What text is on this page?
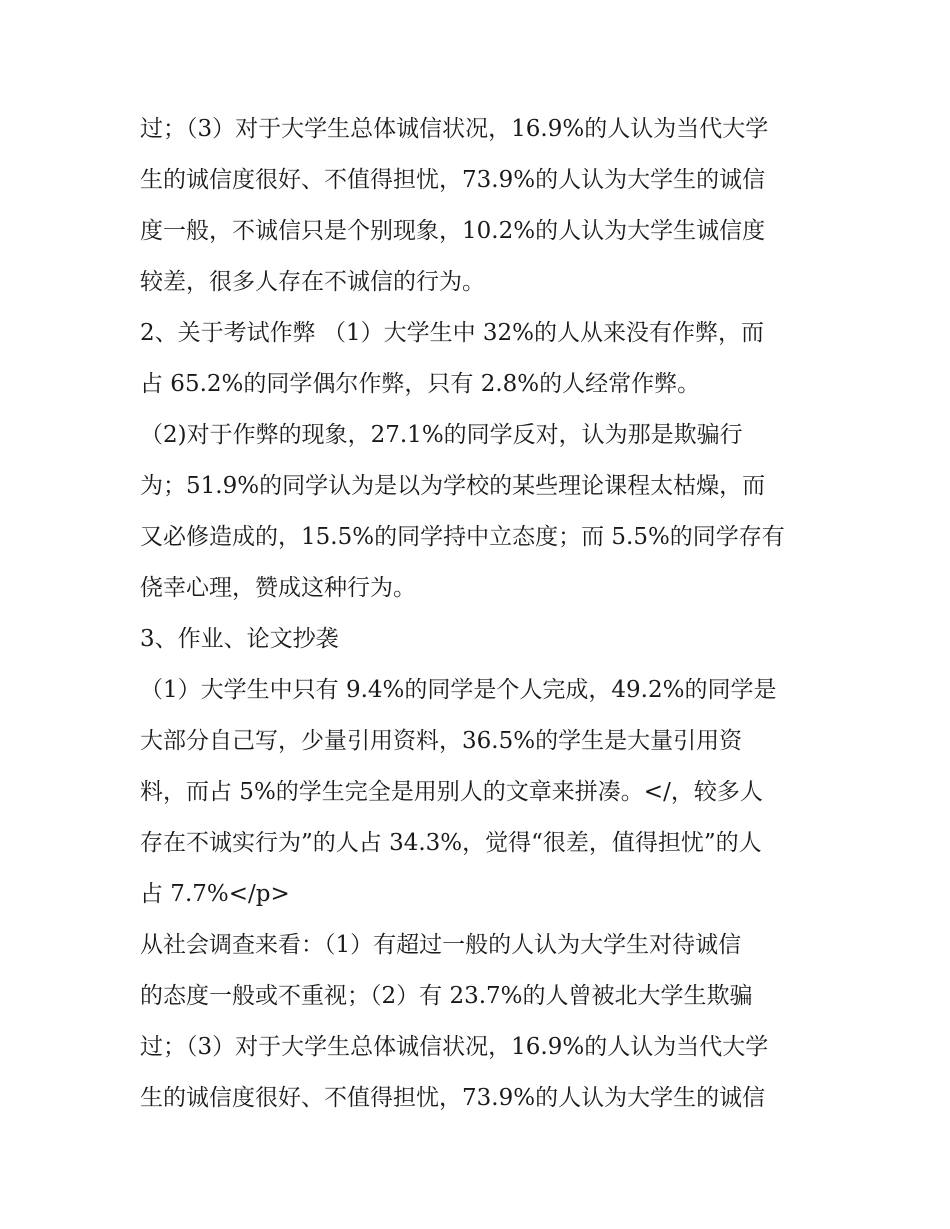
过；（3）对于大学生总体诚信状况，16.9%的人认为当代大学
生的诚信度很好、不值得担忧，73.9%的人认为大学生的诚信
度一般，不诚信只是个别现象，10.2%的人认为大学生诚信度
较差，很多人存在不诚信的行为。
2、关于考试作弊 （1）大学生中 32%的人从来没有作弊，而
占 65.2%的同学偶尔作弊，只有 2.8%的人经常作弊。
（2)对于作弊的现象，27.1%的同学反对，认为那是欺骗行
为；51.9%的同学认为是以为学校的某些理论课程太枯燥，而
又必修造成的，15.5%的同学持中立态度；而 5.5%的同学存有
侥幸心理，赞成这种行为。
3、作业、论文抄袭
（1）大学生中只有 9.4%的同学是个人完成，49.2%的同学是
大部分自己写，少量引用资料，36.5%的学生是大量引用资
料，而占 5%的学生完全是用别人的文章来拼凑。</，较多人
存在不诚实行为”的人占 34.3%，觉得“很差，值得担忧”的人
占 7.7%</p>
从社会调查来看：（1）有超过一般的人认为大学生对待诚信
的态度一般或不重视；（2）有 23.7%的人曾被北大学生欺骗
过；（3）对于大学生总体诚信状况，16.9%的人认为当代大学
生的诚信度很好、不值得担忧，73.9%的人认为大学生的诚信
